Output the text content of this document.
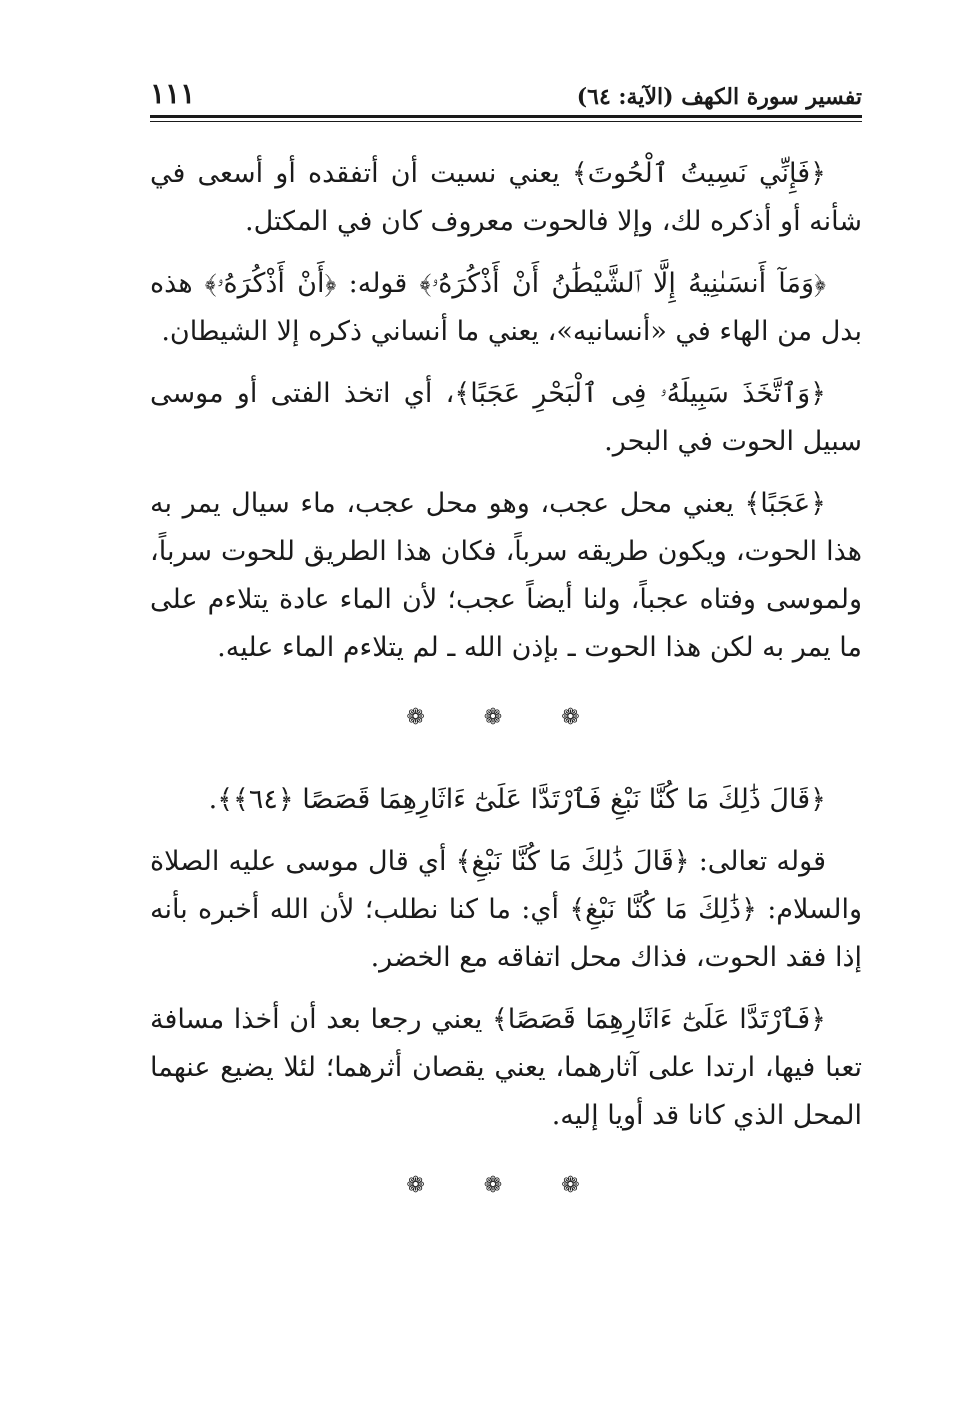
تفسير سورة الكهف (الآية: ٦٤)
١١١

﴿فَإِنِّي نَسِيتُ ٱلْحُوتَ﴾ يعني نسيت أن أتفقده أو أسعى في شأنه أو أذكره لك، وإلا فالحوت معروف كان في المكتل.

﴿وَمَآ أَنسَىٰنِيهُ إِلَّا ٱلشَّيْطَٰنُ أَنْ أَذْكُرَهُۥ﴾ قوله: ﴿أَنْ أَذْكُرَهُۥ﴾ هذه بدل من الهاء في «أنسانيه»، يعني ما أنساني ذكره إلا الشيطان.

﴿وَٱتَّخَذَ سَبِيلَهُۥ فِى ٱلْبَحْرِ عَجَبًا﴾، أي اتخذ الفتى أو موسى سبيل الحوت في البحر.

﴿عَجَبًا﴾ يعني محل عجب، وهو محل عجب، ماء سيال يمر به هذا الحوت، ويكون طريقه سرباً، فكان هذا الطريق للحوت سرباً، ولموسى وفتاه عجباً، ولنا أيضاً عجب؛ لأن الماء عادة يتلاءم على ما يمر به لكن هذا الحوت ـ بإذن الله ـ لم يتلاءم الماء عليه.

❁ ❁ ❁

﴿قَالَ ذَٰلِكَ مَا كُنَّا نَبْغِ فَٱرْتَدَّا عَلَىٰٓ ءَاثَارِهِمَا قَصَصًا ﴿٦٤﴾﴾.

قوله تعالى: ﴿قَالَ ذَٰلِكَ مَا كُنَّا نَبْغِ﴾ أي قال موسى عليه الصلاة والسلام: ﴿ذَٰلِكَ مَا كُنَّا نَبْغِ﴾ أي: ما كنا نطلب؛ لأن الله أخبره بأنه إذا فقد الحوت، فذاك محل اتفاقه مع الخضر.

﴿فَٱرْتَدَّا عَلَىٰٓ ءَاثَارِهِمَا قَصَصًا﴾ يعني رجعا بعد أن أخذا مسافة تعبا فيها، ارتدا على آثارهما، يعني يقصان أثرهما؛ لئلا يضيع عنهما المحل الذي كانا قد أويا إليه.

❁ ❁ ❁
